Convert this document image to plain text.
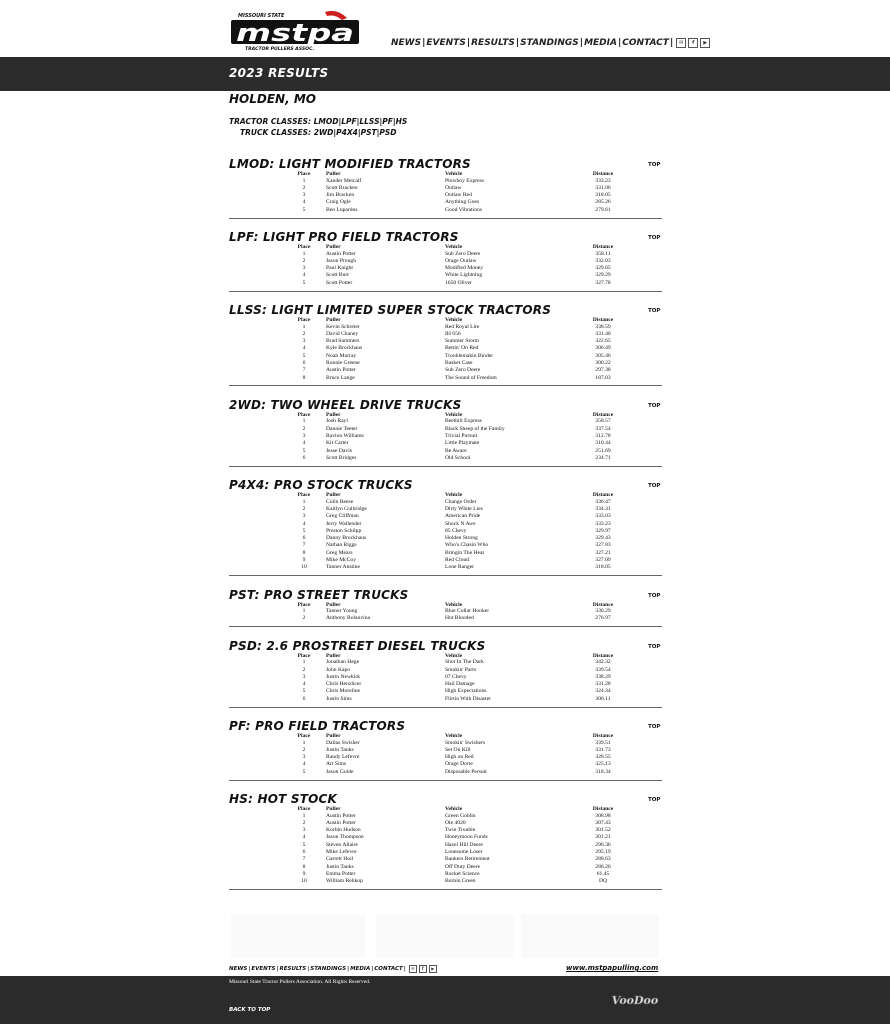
MISSOURI STATE
mstpa
TRACTOR PULLERS ASSOC.
NEWS | EVENTS | RESULTS | STANDINGS | MEDIA | CONTACT |	✉	f	▶
2023 RESULTS
HOLDEN, MO
TRACTOR CLASSES: LMOD|LPF|LLSS|PF|HS
TRUCK CLASSES: 2WD|P4X4|PST|PSD
LMOD: LIGHT MODIFIED TRACTORS	TOP
Place	Puller	Vehicle	Distance
1	Xander Metcalf	Plowboy Express	333.23
2	Scott Bracken	Outlaw	331.06
3	Jim Bracken	Outlaw Red	318.05
4	Craig Ogle	Anything Goes	285.26
5	Ben Lupardus	Good Vibrations	279.61
LPF: LIGHT PRO FIELD TRACTORS	TOP
Place	Puller	Vehicle	Distance
1	Austin Potter	Sub Zero Deere	358.11
2	Jason Prough	Orage Outlaw	332.03
3	Paul Knight	Modified Money	329.65
4	Scott Burt	White Lightning	329.29
5	Scott Potter	1650 Oliver	327.78
LLSS: LIGHT LIMITED SUPER STOCK TRACTORS	TOP
Place	Puller	Vehicle	Distance
1	Kevin Schreier	Red Royal Lite	338.59
2	David Chaney	IH 656	331.40
3	Brad Summers	Summer Storm	322.65
4	Kyle Brockhaus	Bettin' On Red	306.49
5	Noah Murray	Troublemakin Binder	305.46
6	Ronnie Greene	Basket Case	300.22
7	Austin Potter	Sub Zero Deere	297.38
8	Bruce Lange	The Sound of Freedom	187.03
2WD: TWO WHEEL DRIVE TRUCKS	TOP
Place	Puller	Vehicle	Distance
1	Josh Rayl	Beethill Express	358.57
2	Dannie Teeter	Black Sheep of the Family	337.54
3	Ravion Williams	Trivial Pursuit	312.78
4	Kit Carter	Little Playmate	310.44
5	Jesse Davis	Be Aware	251.69
6	Scott Bridges	Old School	234.71
P4X4: PRO STOCK TRUCKS	TOP
Place	Puller	Vehicle	Distance
1	Colin Reese	Change Order	336.47
2	Kaitlyn Gulbridge	Dirty White Lies	334.31
3	Greg Cliffman	American Pride	333.03
4	Jerry Wallender	Shock N Awe	333.23
5	Preston Schilpp	85 Chevy	329.97
6	Danny Brockhaus	Holden Strong	329.43
7	Nathan Riggs	Who's Chasin Who	327.83
8	Greg Mears	Bringin The Heat	327.21
9	Mike McCoy	Red Cloud	327.09
10	Tanner Anstine	Lone Ranger	318.05
PST: PRO STREET TRUCKS	TOP
Place	Puller	Vehicle	Distance
1	Tanner Young	Blue Collar Hooker	330.29
2	Anthony Rolanvina	Hot Blooded	276.97
PSD: 2.6 PROSTREET DIESEL TRUCKS	TOP
Place	Puller	Vehicle	Distance
1	Jonathan Hege	Shot In The Dark	342.32
2	John Kapo	Smokin' Parts	339.54
3	Justin Newkirk	07 Chevy	338.29
4	Chris Henzlicer	Hail Damage	331.28
5	Chris Moreline	High Expectations	324.34
6	Justin Sims	Flirtin With Disaster	306.11
PF: PRO FIELD TRACTORS	TOP
Place	Puller	Vehicle	Distance
1	Dallas Swisher	Smokin' Swishers	339.51
2	Justin Tanks	Set On Kill	331.73
3	Randy Lefevre	High on Red	328.55
4	Art Sims	Orage Dorte	325.13
5	Jason Gulde	Disposable Persuit	318.34
HS: HOT STOCK	TOP
Place	Puller	Vehicle	Distance
1	Austin Potter	Green Goblin	308.98
2	Austin Potter	Ole 4020	307.43
3	Korbin Hudson	Twin Trouble	301.52
4	Jason Thompson	Honeymoon Funds	301.21
5	Steven Allaire	Hazel Hill Deere	296.36
6	Mike Lefevre	Lonesome Loser	295.19
7	Garrett Hoil	Bankers Retirement	288.63
8	Justin Tanks	Off Duty Deere	286.26
9	Emma Potter	Rocket Science	61.45
10	William Rehkop	Burnin Green	DQ
NEWS | EVENTS | RESULTS | STANDINGS | MEDIA | CONTACT |	✉	f	▶	www.mstpapulling.com
Missouri State Tractor Pullers Association. All Rights Reserved.
BACK TO TOP
VooDoo
